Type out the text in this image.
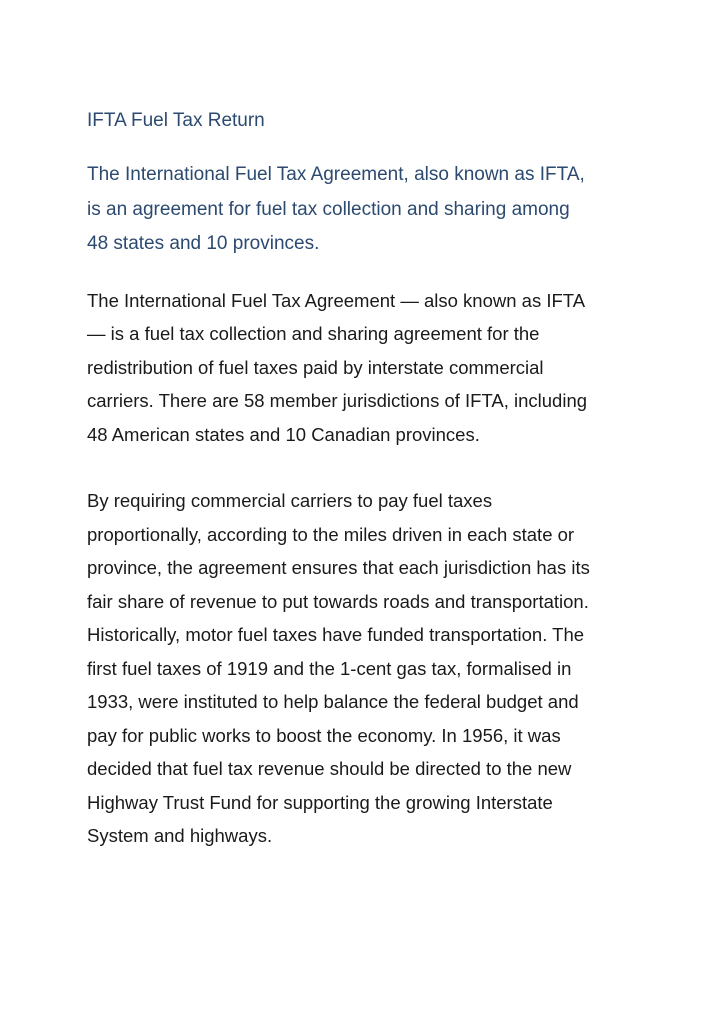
IFTA Fuel Tax Return
The International Fuel Tax Agreement, also known as IFTA,
is an agreement for fuel tax collection and sharing among
48 states and 10 provinces.

The International Fuel Tax Agreement — also known as IFTA
— is a fuel tax collection and sharing agreement for the
redistribution of fuel taxes paid by interstate commercial
carriers. There are 58 member jurisdictions of IFTA, including
48 American states and 10 Canadian provinces.

By requiring commercial carriers to pay fuel taxes
proportionally, according to the miles driven in each state or
province, the agreement ensures that each jurisdiction has its
fair share of revenue to put towards roads and transportation.
Historically, motor fuel taxes have funded transportation. The
first fuel taxes of 1919 and the 1-cent gas tax, formalised in
1933, were instituted to help balance the federal budget and
pay for public works to boost the economy. In 1956, it was
decided that fuel tax revenue should be directed to the new
Highway Trust Fund for supporting the growing Interstate
System and highways.
